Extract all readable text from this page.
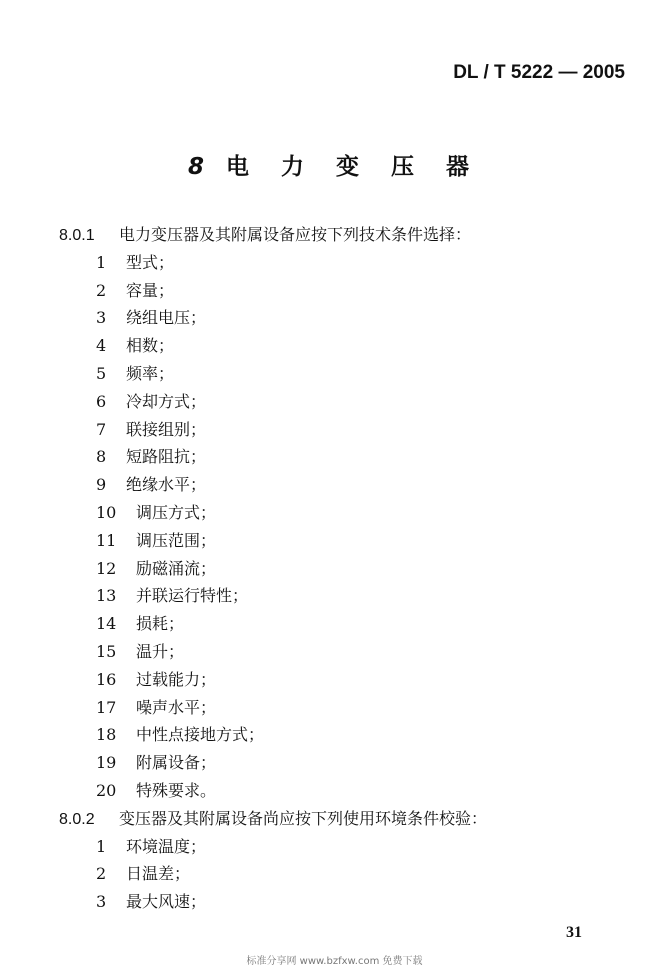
DL / T 5222 — 2005
8 电 力 变 压 器
8.0.1 电力变压器及其附属设备应按下列技术条件选择：
1 型式；
2 容量；
3 绕组电压；
4 相数；
5 频率；
6 冷却方式；
7 联接组别；
8 短路阻抗；
9 绝缘水平；
10 调压方式；
11 调压范围；
12 励磁涌流；
13 并联运行特性；
14 损耗；
15 温升；
16 过载能力；
17 噪声水平；
18 中性点接地方式；
19 附属设备；
20 特殊要求。
8.0.2 变压器及其附属设备尚应按下列使用环境条件校验：
1 环境温度；
2 日温差；
3 最大风速；
31
标准分享网 www.bzfxw.com 免费下载
